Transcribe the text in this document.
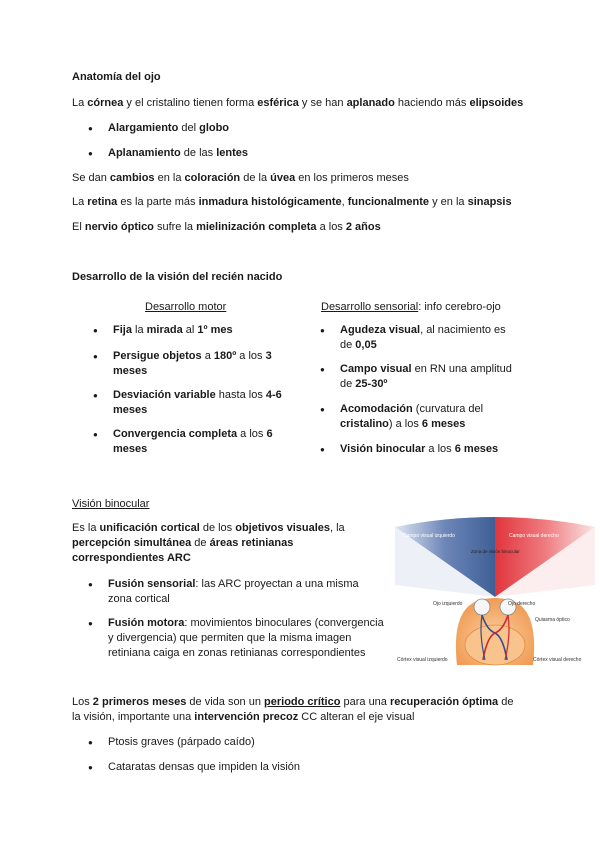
Anatomía del ojo
La córnea y el cristalino tienen forma esférica y se han aplanado haciendo más elipsoides
● Alargamiento del globo
● Aplanamiento de las lentes
Se dan cambios en la coloración de la úvea en los primeros meses
La retina es la parte más inmadura histológicamente, funcionalmente y en la sinapsis
El nervio óptico sufre la mielinización completa a los 2 años
Desarrollo de la visión del recién nacido
Desarrollo motor	Desarrollo sensorial: info cerebro-ojo
● Fija la mirada al 1º mes
● Persigue objetos a 180º a los 3
meses
● Desviación variable hasta los 4-6
meses
● Convergencia completa a los 6
meses
● Agudeza visual, al nacimiento es
de 0,05
● Campo visual en RN una amplitud
de 25-30º
● Acomodación (curvatura del
cristalino) a los 6 meses
● Visión binocular a los 6 meses
Visión binocular
Es la unificación cortical de los objetivos visuales, la
percepción simultánea de áreas retinianas
correspondientes ARC
● Fusión sensorial: las ARC proyectan a una misma
zona cortical
● Fusión motora: movimientos binoculares (convergencia
y divergencia) que permiten que la misma imagen
retiniana caiga en zonas retinianas correspondientes
Campo visual izquierdo	Campo visual derecho
Zona de visión binocular
Ojo izquierdo	Ojo derecho
Quiasma óptico
Córtex visual izquierdo	Córtex visual derecho
Los 2 primeros meses de vida son un periodo crítico para una recuperación óptima de
la visión, importante una intervención precoz CC alteran el eje visual
● Ptosis graves (párpado caído)
● Cataratas densas que impiden la visión
